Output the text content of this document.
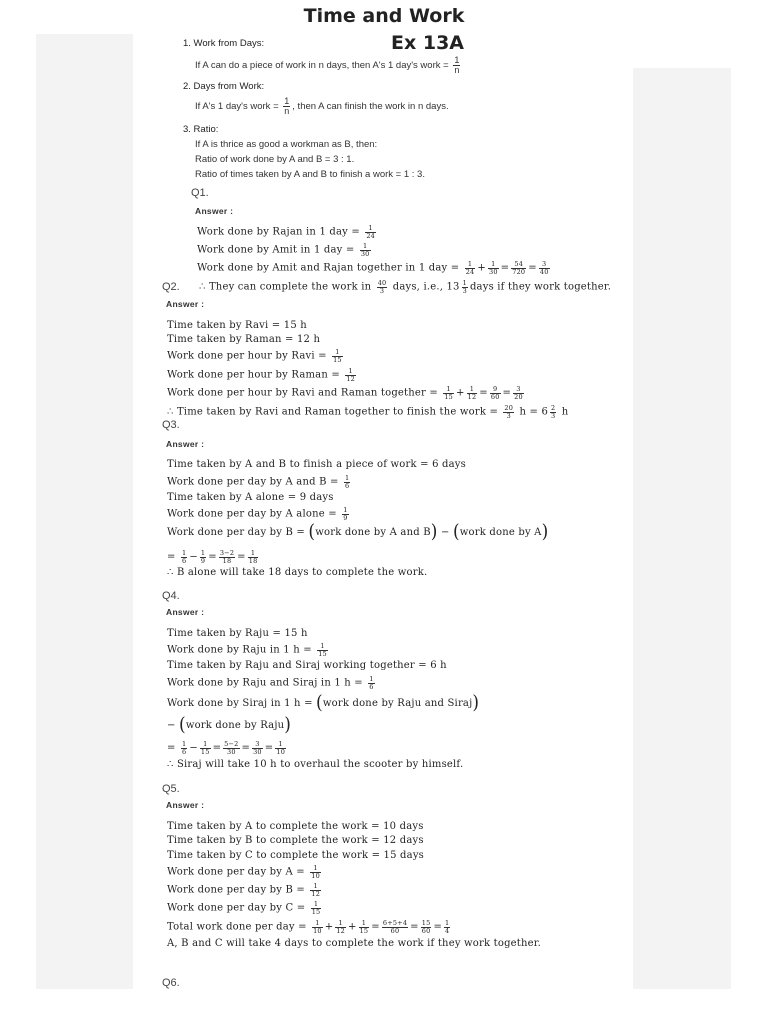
Time and Work
Ex 13A
1. Work from Days:
If A can do a piece of work in n days, then A's 1 day's work = $\frac{1}{n}$
2. Days from Work:
If A's 1 day's work = $\frac{1}{n}$ , then A can finish the work in n days.
3. Ratio:
If A is thrice as good a workman as B, then:
Ratio of work done by A and B = 3 : 1.
Ratio of times taken by A and B to finish a work = 1 : 3.
Q1.
Answer :
Work done by Rajan in 1 day = $\frac{1}{24}$
Work done by Amit in 1 day = $\frac{1}{30}$
Work done by Amit and Rajan together in 1 day = $\frac{1}{24} + \frac{1}{30} = \frac{54}{720} = \frac{3}{40}$
Q2. ∴ They can complete the work in $\frac{40}{3}$ days, i.e., $13 \frac{1}{3}$ days if they work together.
Answer :
Time taken by Ravi = 15 h
Time taken by Raman = 12 h
Work done per hour by Ravi = $\frac{1}{15}$
Work done per hour by Raman = $\frac{1}{12}$
Work done per hour by Ravi and Raman together = $\frac{1}{15} + \frac{1}{12} = \frac{9}{60} = \frac{3}{20}$
∴ Time taken by Ravi and Raman together to finish the work = $\frac{20}{3}$ $h = 6 \frac{2}{3}$ h
Q3.
Answer :
Time taken by A and B to finish a piece of work = 6 days
Work done per day by A and $B = \frac{1}{6}$
Time taken by A alone = 9 days
Work done per day by A alone = $\frac{1}{9}$
Work done per day by B = (work done by A and B) − (work done by A)
= $\frac{1}{6} - \frac{1}{9} = \frac{3-2}{18} = \frac{1}{18}$
∴ B alone will take 18 days to complete the work.
Q4.
Answer :
Time taken by Raju = 15 h
Work done by Raju in 1 $h = \frac{1}{15}$
Time taken by Raju and Siraj working together = 6 h
Work done by Raju and Siraj in 1 $h = \frac{1}{6}$
Work done by Siraj in 1 h = (work done by Raju and Siraj)
− (work done by Raju)
= $\frac{1}{6} - \frac{1}{15} = \frac{5-2}{30} = \frac{3}{30} = \frac{1}{10}$
∴ Siraj will take 10 h to overhaul the scooter by himself.
Q5.
Answer :
Time taken by A to complete the work = 10 days
Time taken by B to complete the work = 12 days
Time taken by C to complete the work = 15 days
Work done per day by $A = \frac{1}{10}$
Work done per day by $B = \frac{1}{12}$
Work done per day by $C = \frac{1}{15}$
Total work done per day = $\frac{1}{10} + \frac{1}{12} + \frac{1}{15} = \frac{6+5+4}{60} = \frac{15}{60} = \frac{1}{4}$
A, B and C will take 4 days to complete the work if they work together.
Q6.
